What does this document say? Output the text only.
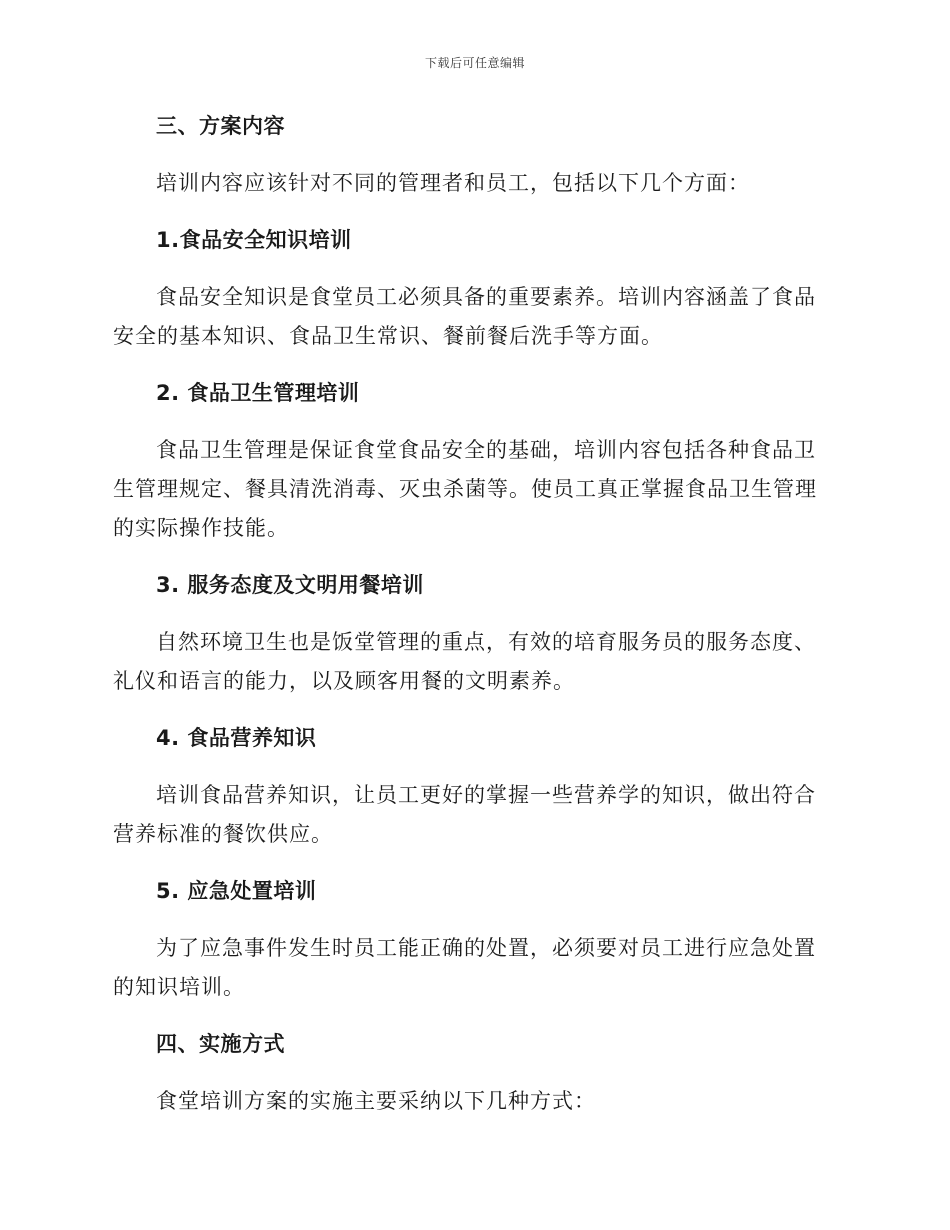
下载后可任意编辑
三、方案内容
培训内容应该针对不同的管理者和员工，包括以下几个方面：
1.食品安全知识培训
食品安全知识是食堂员工必须具备的重要素养。培训内容涵盖了食品安全的基本知识、食品卫生常识、餐前餐后洗手等方面。
2. 食品卫生管理培训
食品卫生管理是保证食堂食品安全的基础，培训内容包括各种食品卫生管理规定、餐具清洗消毒、灭虫杀菌等。使员工真正掌握食品卫生管理的实际操作技能。
3. 服务态度及文明用餐培训
自然环境卫生也是饭堂管理的重点，有效的培育服务员的服务态度、礼仪和语言的能力，以及顾客用餐的文明素养。
4. 食品营养知识
培训食品营养知识，让员工更好的掌握一些营养学的知识，做出符合营养标准的餐饮供应。
5. 应急处置培训
为了应急事件发生时员工能正确的处置，必须要对员工进行应急处置的知识培训。
四、实施方式
食堂培训方案的实施主要采纳以下几种方式：
